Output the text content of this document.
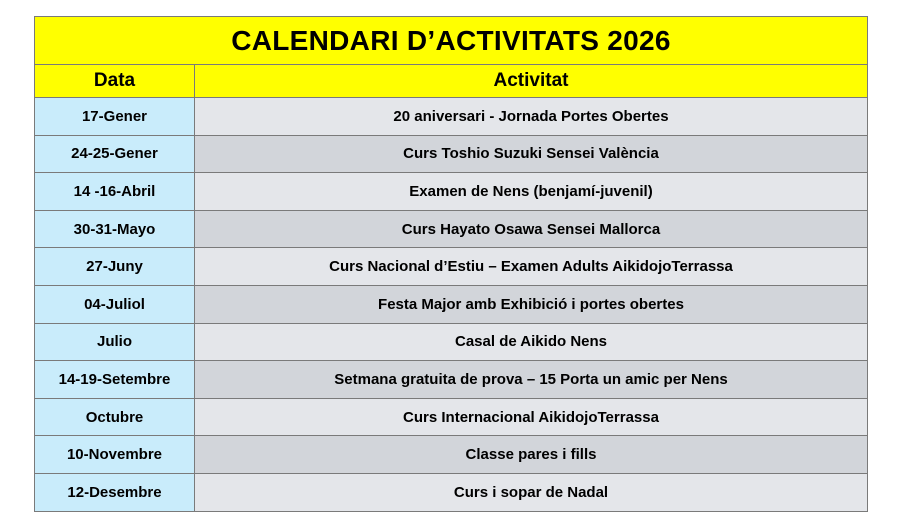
CALENDARI D’ACTIVITATS 2026	
Data	Activitat
17-Gener	20 aniversari - Jornada Portes Obertes
24-25-Gener	Curs Toshio Suzuki Sensei València
14 -16-Abril	Examen de Nens (benjamí-juvenil)
30-31-Mayo	Curs Hayato Osawa Sensei Mallorca
27-Juny	Curs Nacional d’Estiu – Examen Adults AikidojoTerrassa
04-Juliol	Festa Major amb Exhibició i portes obertes
Julio	Casal de Aikido Nens
14-19-Setembre	Setmana gratuita de prova – 15 Porta un amic per Nens
Octubre	Curs Internacional AikidojoTerrassa
10-Novembre	Classe pares i fills
12-Desembre	Curs i sopar de Nadal
